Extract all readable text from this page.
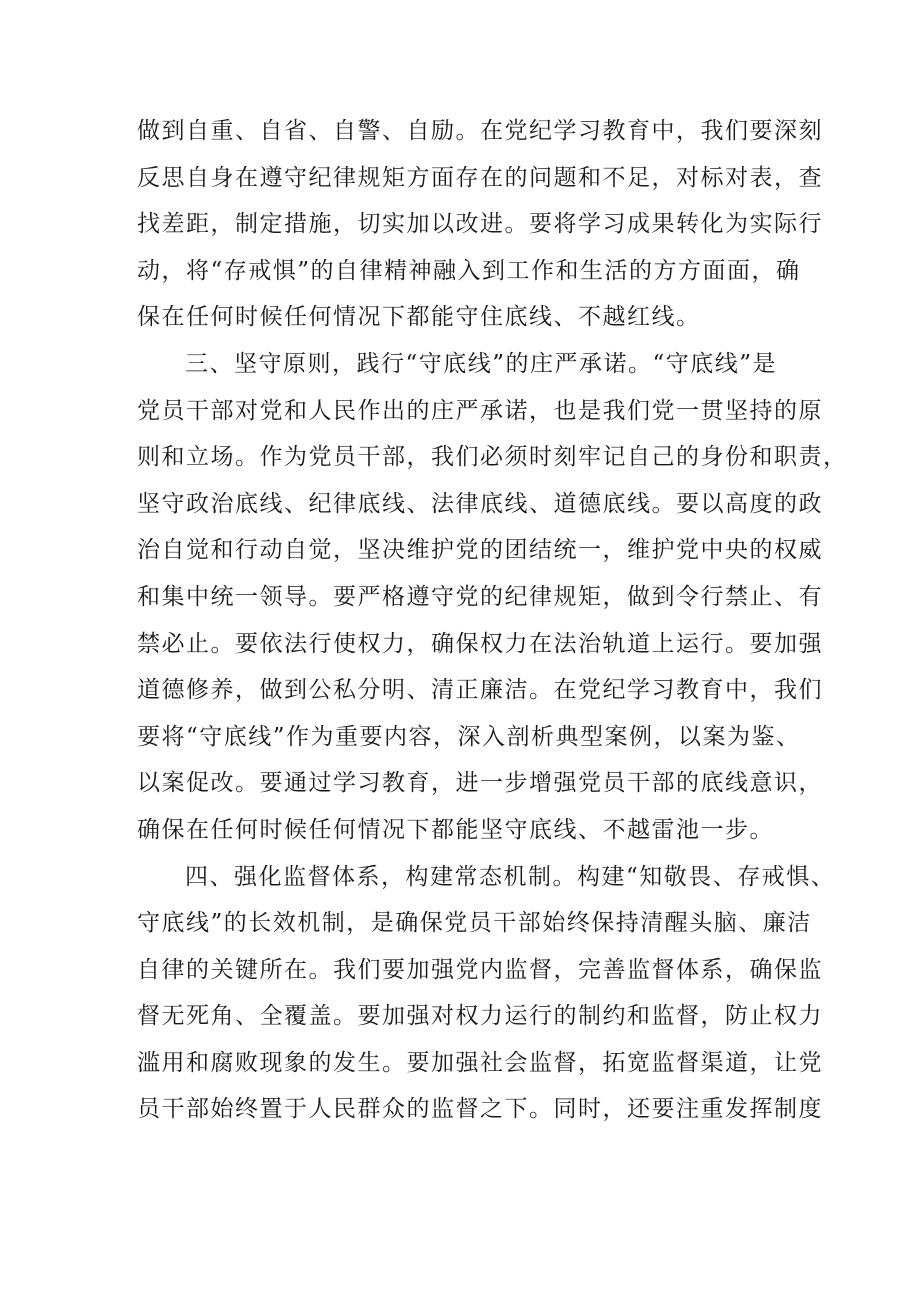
做到自重、自省、自警、自励。在党纪学习教育中，我们要深刻
反思自身在遵守纪律规矩方面存在的问题和不足，对标对表，查
找差距，制定措施，切实加以改进。要将学习成果转化为实际行
动，将“存戒惧”的自律精神融入到工作和生活的方方面面，确
保在任何时候任何情况下都能守住底线、不越红线。
三、坚守原则，践行“守底线”的庄严承诺。“守底线”是
党员干部对党和人民作出的庄严承诺，也是我们党一贯坚持的原
则和立场。作为党员干部，我们必须时刻牢记自己的身份和职责，
坚守政治底线、纪律底线、法律底线、道德底线。要以高度的政
治自觉和行动自觉，坚决维护党的团结统一，维护党中央的权威
和集中统一领导。要严格遵守党的纪律规矩，做到令行禁止、有
禁必止。要依法行使权力，确保权力在法治轨道上运行。要加强
道德修养，做到公私分明、清正廉洁。在党纪学习教育中，我们
要将“守底线”作为重要内容，深入剖析典型案例，以案为鉴、
以案促改。要通过学习教育，进一步增强党员干部的底线意识，
确保在任何时候任何情况下都能坚守底线、不越雷池一步。
四、强化监督体系，构建常态机制。构建“知敬畏、存戒惧、
守底线”的长效机制，是确保党员干部始终保持清醒头脑、廉洁
自律的关键所在。我们要加强党内监督，完善监督体系，确保监
督无死角、全覆盖。要加强对权力运行的制约和监督，防止权力
滥用和腐败现象的发生。要加强社会监督，拓宽监督渠道，让党
员干部始终置于人民群众的监督之下。同时，还要注重发挥制度
